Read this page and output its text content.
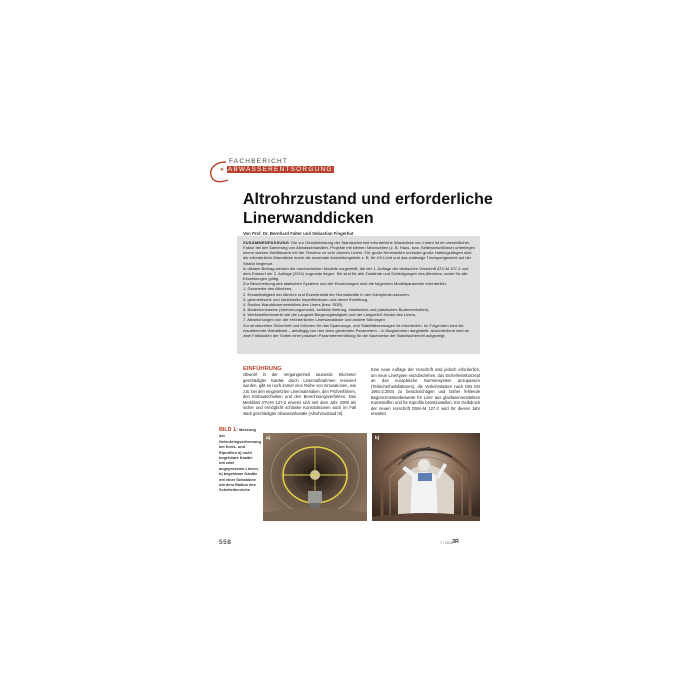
FACHBERICHT
» ABWASSERENTSORGUNG
Altrohrzustand und erforderliche Linerwanddicken
Von Prof. Dr. Bernhard Falter und Sebastian Fingerhut

ZUSAMMENFASSUNG: Die zur Gewährleistung der Standsicherheit erforderliche Wanddicke von Linern ist ein wesentlicher Faktor bei der Sanierung von Abwasserkanälen. Projekte mit kleinen Nennweiten (z. B. Haus- bzw. Seitenanschlüsse) unterliegen einem starken Wettbewerb mit der Tendenz zu sehr dünnen Linern. Für große Nennweiten und/oder große Haltungslängen wird die erforderliche Wanddicke durch die maximale Aushärtungstiefe z. B. für UV-Licht und das zulässige Transportgewicht auf der Straße begrenzt.

In diesem Beitrag werden die mechanischen Modelle vorgestellt, die der 1. Auflage der deutschen Vorschrift ATV-M 127-2 und dem Entwurf der 2. Auflage (2011) zugrunde liegen. Sie sind für alle Zustände und Schädigungen des Altrohres, sowie für alle Einwirkungen gültig.

Zur Beschreibung des statischen Systems und der Einwirkungen sind die folgenden Modellparameter erforderlich:

1. Geometrie des Altrohres,

2. Ersatzfestigkeit der Altrohre und Exzentrizität der Normalkräfte in den Kämpferdruckzonen,

3. geometrische und strukturelle Imperfektionen und deren Ermittlung,

4. Radius-Wanddickenverhältnis des Liners (bzw. SDR),

5. Bodenkennwerte (Verformungsmodul, seitliche Bettung, elastisches und plastisches Bodenverhalten),

6. Werkstoffkennwerte wie die Langzeit-Biegezugfestigkeit und der Langzeit-E-Modul des Liners,

7. Abweichungen von der erforderlichen Linerwanddicke und andere Störungen.

Zur strukturellen Sicherheit und Kriterien für das Spannungs- und Stabilitätsversagen ist erforderlich. Im Folgenden wird die resultierende Wanddicke – abhängig von den oben genannten Parametern – in Diagrammen dargestellt. Anschließend wird an zwei Fallstudien der Vorteil einer präzisen Parameterermittlung für die Nachweise der Standsicherheit aufgezeigt.

EINFÜHRUNG

Obwohl in der Vergangenheit tausende Kilometer geschädigter Kanäle durch Linermaßnahmen renoviert wurden, gibt es noch immer eine Reihe von Innovationen, wie z.B. bei den eingesetzten Linermaterialien, den Prüfverfahren, den Einbautechniken und den Berechnungsverfahren. Das Merkblatt ATV-M 127-2 erweist sich seit dem Jahr 2000 als sicher und ermöglicht schlanke Konstruktionen auch im Fall stark geschädigter Abwasserkanäle (Altrohrzustand III).

Eine neue Auflage der Vorschrift wird jedoch erforderlich, um neue Linertypen einzubeziehen, das Sicherheitskonzept an das europäische Normensystem anzupassen (Teilsicherheitsfaktoren), die Verkehrslasten nach DIN EN 1991-2:2004 zu berücksichtigen und bisher fehlende Begrenzmentenbeiwerte für Liner aus glasfaserverstärkten Kunststoffen und für Eiprofile bereitzustellen. Ein Gelbdruck der neuen Vorschrift DWA-M 127-2 wird für dieses Jahr erwartet.

BILD 1: Messung der Gelenkringverformung bei Kreis- und Eiprofilen a) nicht begehbare Kanäle mit zwei angepressten Linsen, b) begehbare Kanäle mit einer Schablone mit dem Radius des Scheitelbereichs
a)	b)
558	7 / 2011 3R
